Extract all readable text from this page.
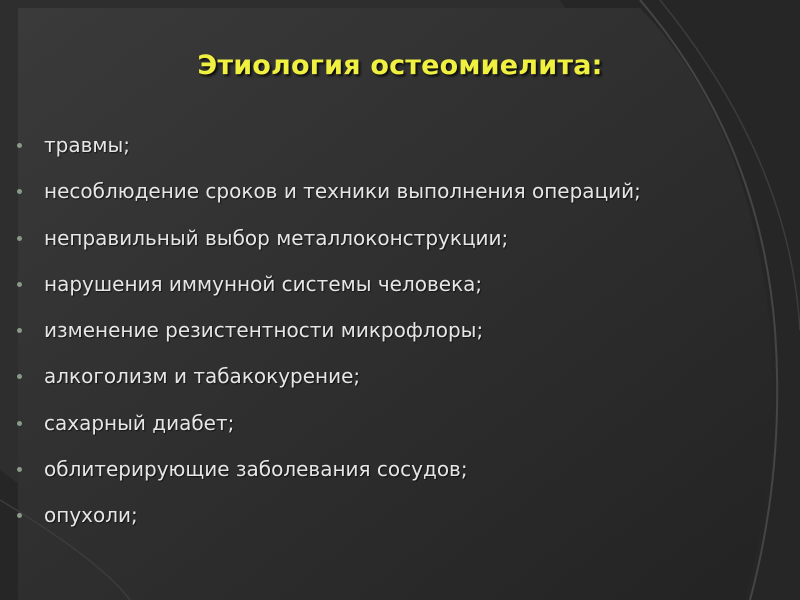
Этиология остеомиелита:
травмы;
несоблюдение сроков и техники выполнения операций;
неправильный выбор металлоконструкции;
нарушения иммунной системы человека;
изменение резистентности микрофлоры;
алкоголизм и табакокурение;
сахарный диабет;
облитерирующие заболевания сосудов;
опухоли;
